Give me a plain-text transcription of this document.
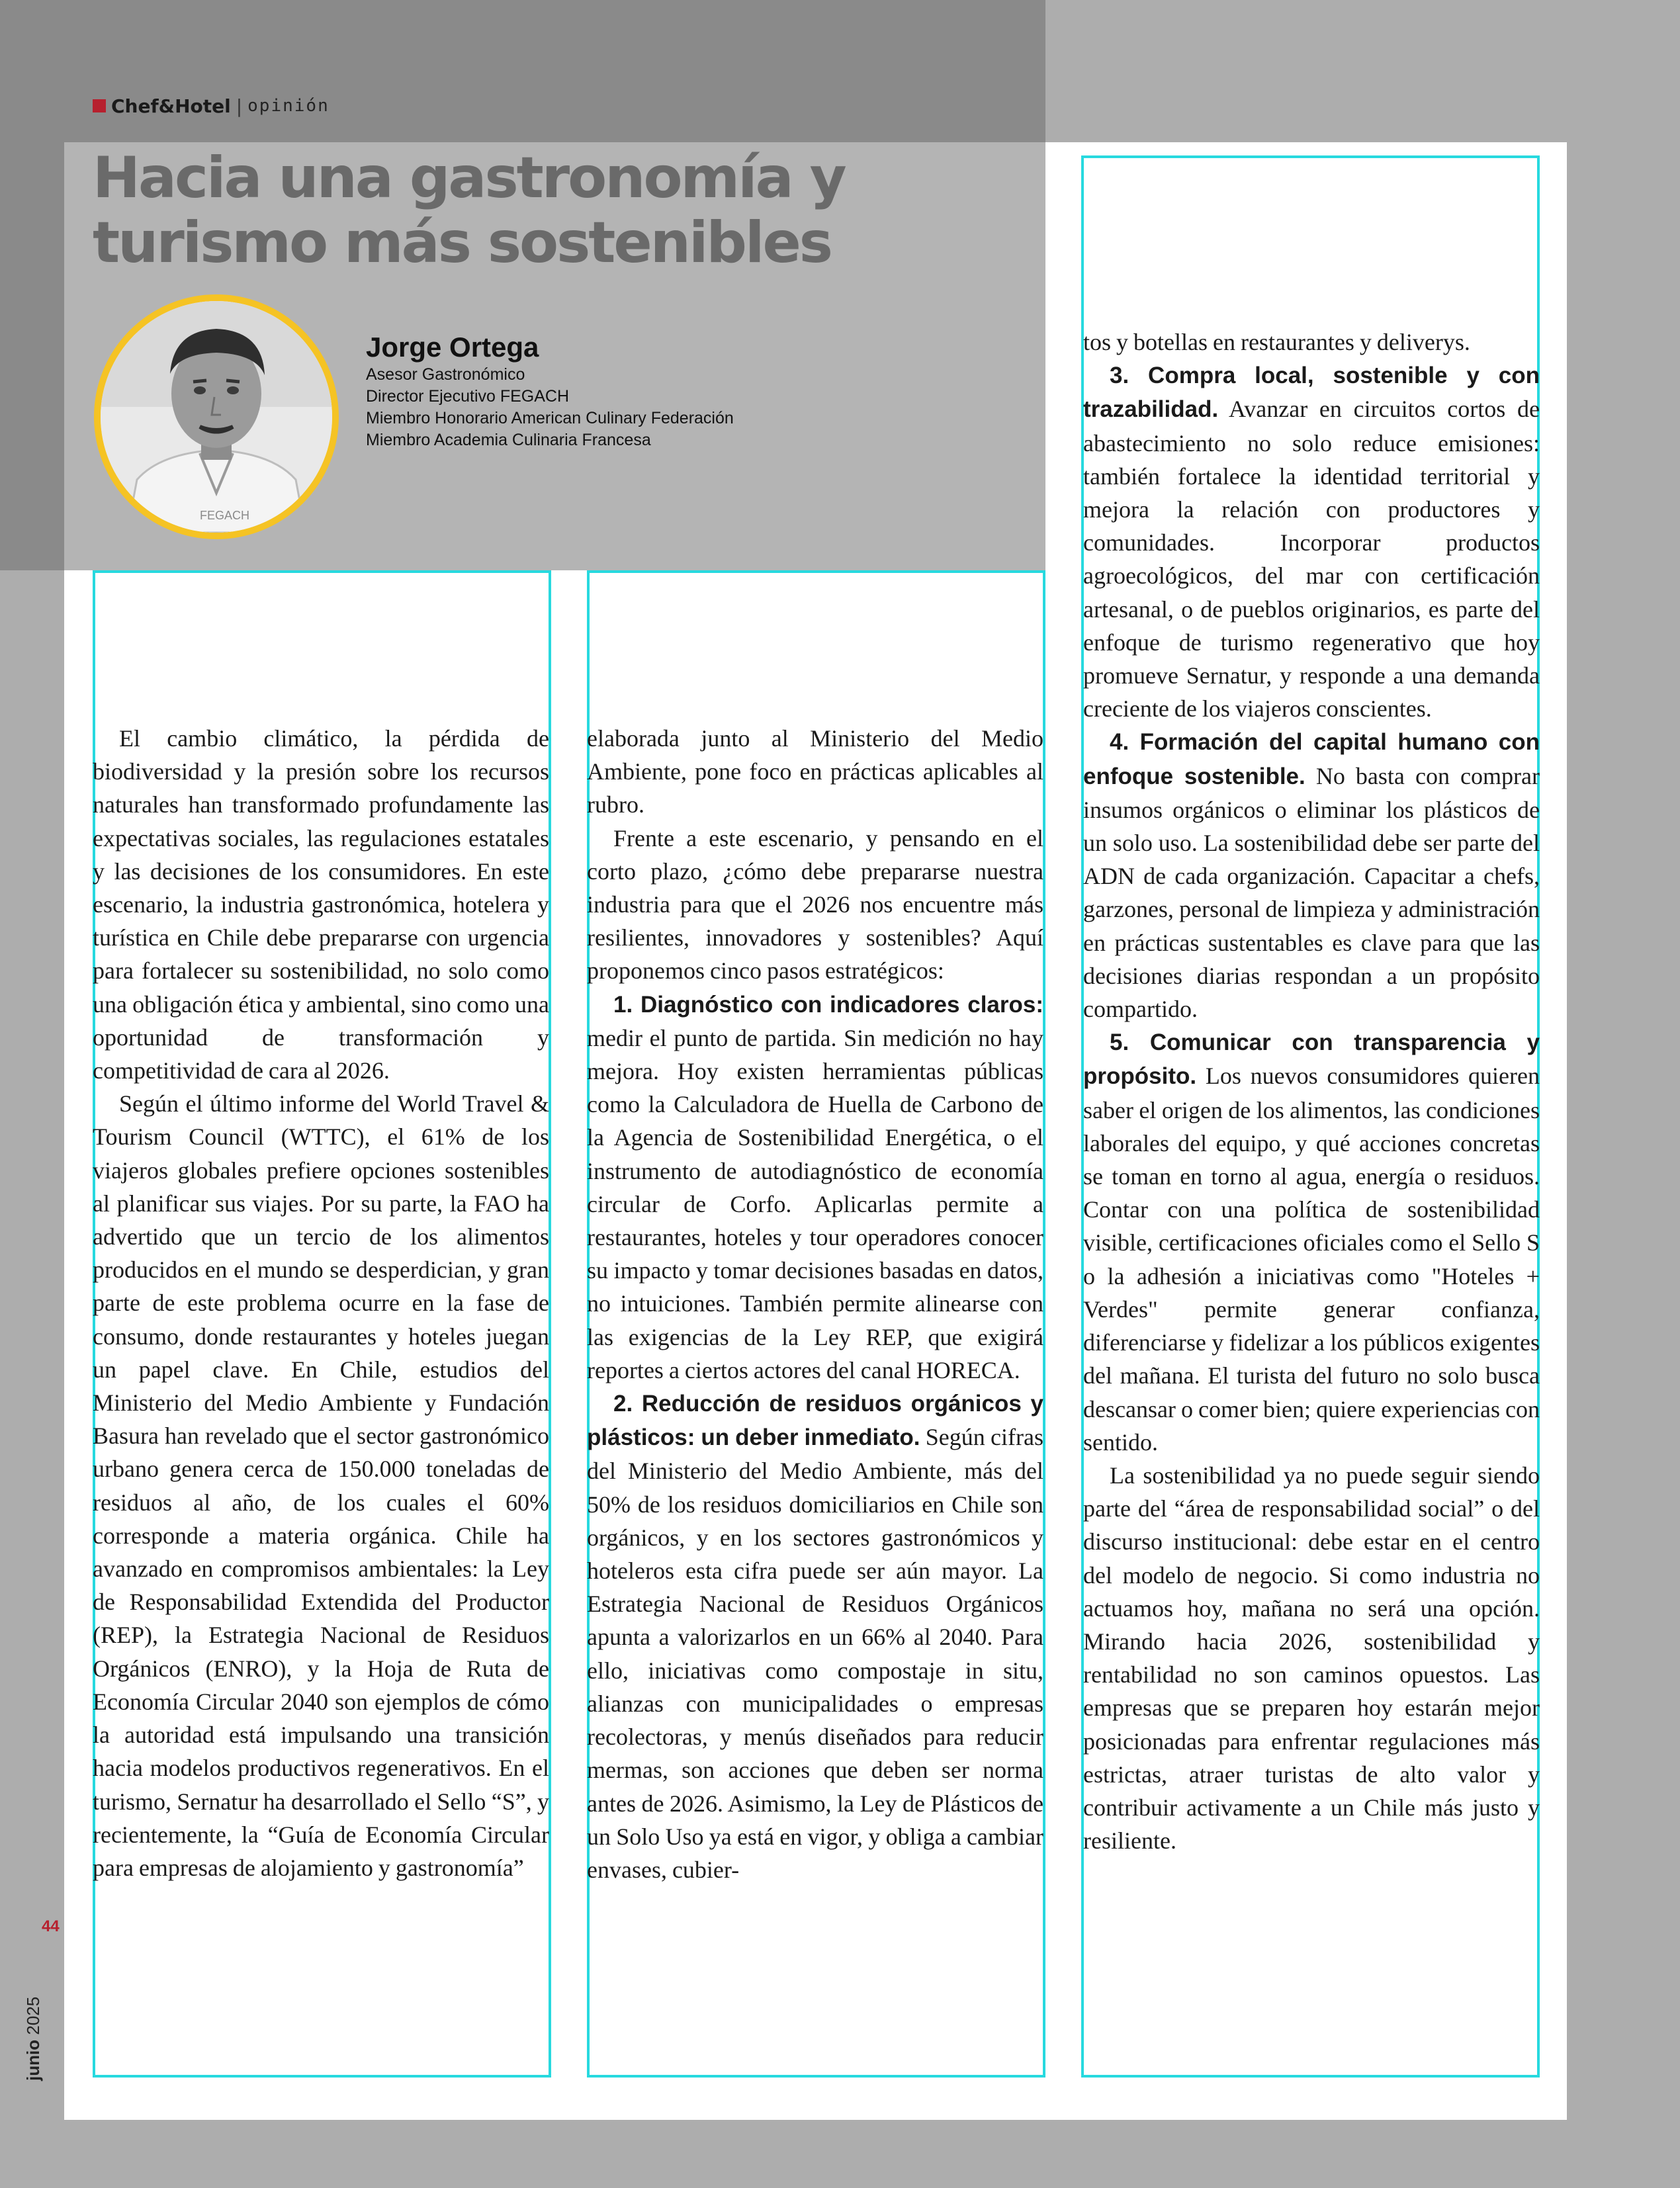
Chef&Hotel | opinión
Hacia una gastronomía y
turismo más sostenibles
FEGACH
Jorge Ortega
Asesor Gastronómico
Director Ejecutivo FEGACH
Miembro Honorario American Culinary Federación
Miembro Academia Culinaria Francesa

El cambio climático, la pérdida de biodiversidad y la presión sobre los recursos naturales han transformado profundamente las expectativas sociales, las regulaciones estatales y las decisiones de los consumidores. En este escenario, la industria gastronómica, hotelera y turística en Chile debe prepararse con urgencia para fortalecer su sostenibilidad, no solo como una obligación ética y ambiental, sino como una oportunidad de transformación y competitividad de cara al 2026.

Según el último informe del World Travel & Tourism Council (WTTC), el 61% de los viajeros globales prefiere opciones sostenibles al planificar sus viajes. Por su parte, la FAO ha advertido que un tercio de los alimentos producidos en el mundo se desperdician, y gran parte de este problema ocurre en la fase de consumo, donde restaurantes y hoteles juegan un papel clave. En Chile, estudios del Ministerio del Medio Ambiente y Fundación Basura han revelado que el sector gastronómico urbano genera cerca de 150.000 toneladas de residuos al año, de los cuales el 60% corresponde a materia orgánica. Chile ha avanzado en compromisos ambientales: la Ley de Responsabilidad Extendida del Productor (REP), la Estrategia Nacional de Residuos Orgánicos (ENRO), y la Hoja de Ruta de Economía Circular 2040 son ejemplos de cómo la autoridad está impulsando una transición hacia modelos productivos regenerativos. En el turismo, Sernatur ha desarrollado el Sello “S”, y recientemente, la “Guía de Economía Circular para empresas de alojamiento y gastronomía”

elaborada junto al Ministerio del Medio Ambiente, pone foco en prácticas aplicables al rubro.

Frente a este escenario, y pensando en el corto plazo, ¿cómo debe prepararse nuestra industria para que el 2026 nos encuentre más resilientes, innovadores y sostenibles? Aquí proponemos cinco pasos estratégicos:

1. Diagnóstico con indicadores claros: medir el punto de partida. Sin medición no hay mejora. Hoy existen herramientas públicas como la Calculadora de Huella de Carbono de la Agencia de Sostenibilidad Energética, o el instrumento de autodiagnóstico de economía circular de Corfo. Aplicarlas permite a restaurantes, hoteles y tour operadores conocer su impacto y tomar decisiones basadas en datos, no intuiciones. También permite alinearse con las exigencias de la Ley REP, que exigirá reportes a ciertos actores del canal HORECA.

2. Reducción de residuos orgánicos y plásticos: un deber inmediato. Según cifras del Ministerio del Medio Ambiente, más del 50% de los residuos domiciliarios en Chile son orgánicos, y en los sectores gastronómicos y hoteleros esta cifra puede ser aún mayor. La Estrategia Nacional de Residuos Orgánicos apunta a valorizarlos en un 66% al 2040. Para ello, iniciativas como compostaje in situ, alianzas con municipalidades o empresas recolectoras, y menús diseñados para reducir mermas, son acciones que deben ser norma antes de 2026. Asimismo, la Ley de Plásticos de un Solo Uso ya está en vigor, y obliga a cambiar envases, cubier-

tos y botellas en restaurantes y deliverys.

3. Compra local, sostenible y con trazabilidad. Avanzar en circuitos cortos de abastecimiento no solo reduce emisiones: también fortalece la identidad territorial y mejora la relación con productores y comunidades. Incorporar productos agroecológicos, del mar con certificación artesanal, o de pueblos originarios, es parte del enfoque de turismo regenerativo que hoy promueve Sernatur, y responde a una demanda creciente de los viajeros conscientes.

4. Formación del capital humano con enfoque sostenible. No basta con comprar insumos orgánicos o eliminar los plásticos de un solo uso. La sostenibilidad debe ser parte del ADN de cada organización. Capacitar a chefs, garzones, personal de limpieza y administración en prácticas sustentables es clave para que las decisiones diarias respondan a un propósito compartido.

5. Comunicar con transparencia y propósito. Los nuevos consumidores quieren saber el origen de los alimentos, las condiciones laborales del equipo, y qué acciones concretas se toman en torno al agua, energía o residuos. Contar con una política de sostenibilidad visible, certificaciones oficiales como el Sello S o la adhesión a iniciativas como "Hoteles + Verdes" permite generar confianza, diferenciarse y fidelizar a los públicos exigentes del mañana. El turista del futuro no solo busca descansar o comer bien; quiere experiencias con sentido.

La sostenibilidad ya no puede seguir siendo parte del “área de responsabilidad social” o del discurso institucional: debe estar en el centro del modelo de negocio. Si como industria no actuamos hoy, mañana no será una opción. Mirando hacia 2026, sostenibilidad y rentabilidad no son caminos opuestos. Las empresas que se preparen hoy estarán mejor posicionadas para enfrentar regulaciones más estrictas, atraer turistas de alto valor y contribuir activamente a un Chile más justo y resiliente.

44
junio 2025
